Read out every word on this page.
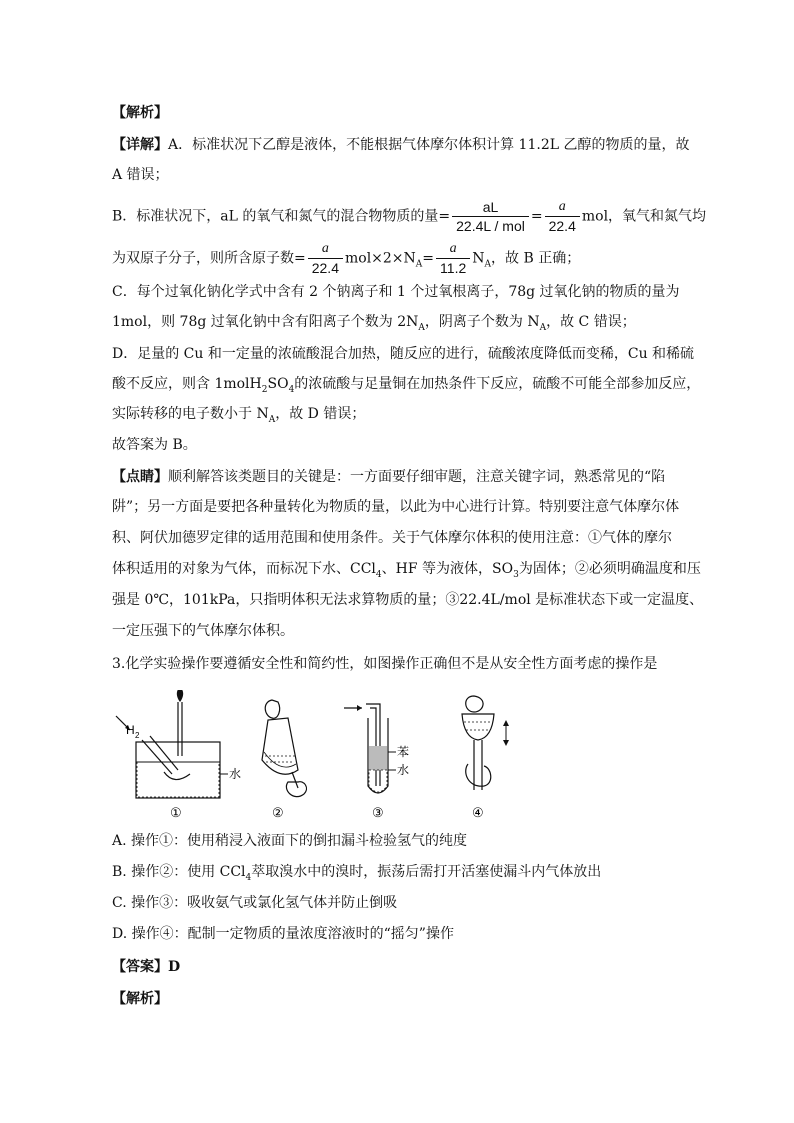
【解析】
【详解】A．标准状况下乙醇是液体，不能根据气体摩尔体积计算 11.2L 乙醇的物质的量，故
A 错误；
B．标准状况下，aL 的氧气和氮气的混合物物质的量= $\frac{aL}{\text{22.4L / mol}} = \frac{a}{22.4}$ mol，氧气和氮气均
为双原子分子，则所含原子数= $\frac{a}{22.4} mol\times 2\times N_A= \frac{a}{11.2} N_A$，故 B 正确；
C．每个过氧化钠化学式中含有 2 个钠离子和 1 个过氧根离子，78g 过氧化钠的物质的量为
1mol，则 78g 过氧化钠中含有阳离子个数为 $2N_A$，阴离子个数为 $N_A$，故 C 错误；
D．足量的 Cu 和一定量的浓硫酸混合加热，随反应的进行，硫酸浓度降低而变稀，Cu 和稀硫
酸不反应，则含 $1molH_2SO_4$的浓硫酸与足量铜在加热条件下反应，硫酸不可能全部参加反应，
实际转移的电子数小于 $N_A$，故 D 错误；
故答案为 B。
【点睛】顺利解答该类题目的关键是：一方面要仔细审题，注意关键字词，熟悉常见的“陷
阱”；另一方面是要把各种量转化为物质的量，以此为中心进行计算。特别要注意气体摩尔体
积、阿伏加德罗定律的适用范围和使用条件。关于气体摩尔体积的使用注意：①气体的摩尔
体积适用的对象为气体，而标况下水、CCl$_4$、HF 等为液体，$SO_3$为固体；②必须明确温度和压
强是 0℃，101kPa，只指明体积无法求算物质的量；③22.4L/mol 是标准状态下或一定温度、
一定压强下的气体摩尔体积。
3.化学实验操作要遵循安全性和简约性，如图操作正确但不是从安全性方面考虑的操作是
H 2
水
①	②
苯
水
③	④
A. 操作①：使用稍浸入液面下的倒扣漏斗检验氢气的纯度
B. 操作②：使用 CCl$_4$萃取溴水中的溴时，振荡后需打开活塞使漏斗内气体放出
C. 操作③：吸收氨气或氯化氢气体并防止倒吸
D. 操作④：配制一定物质的量浓度溶液时的“摇匀”操作
【答案】D
【解析】
